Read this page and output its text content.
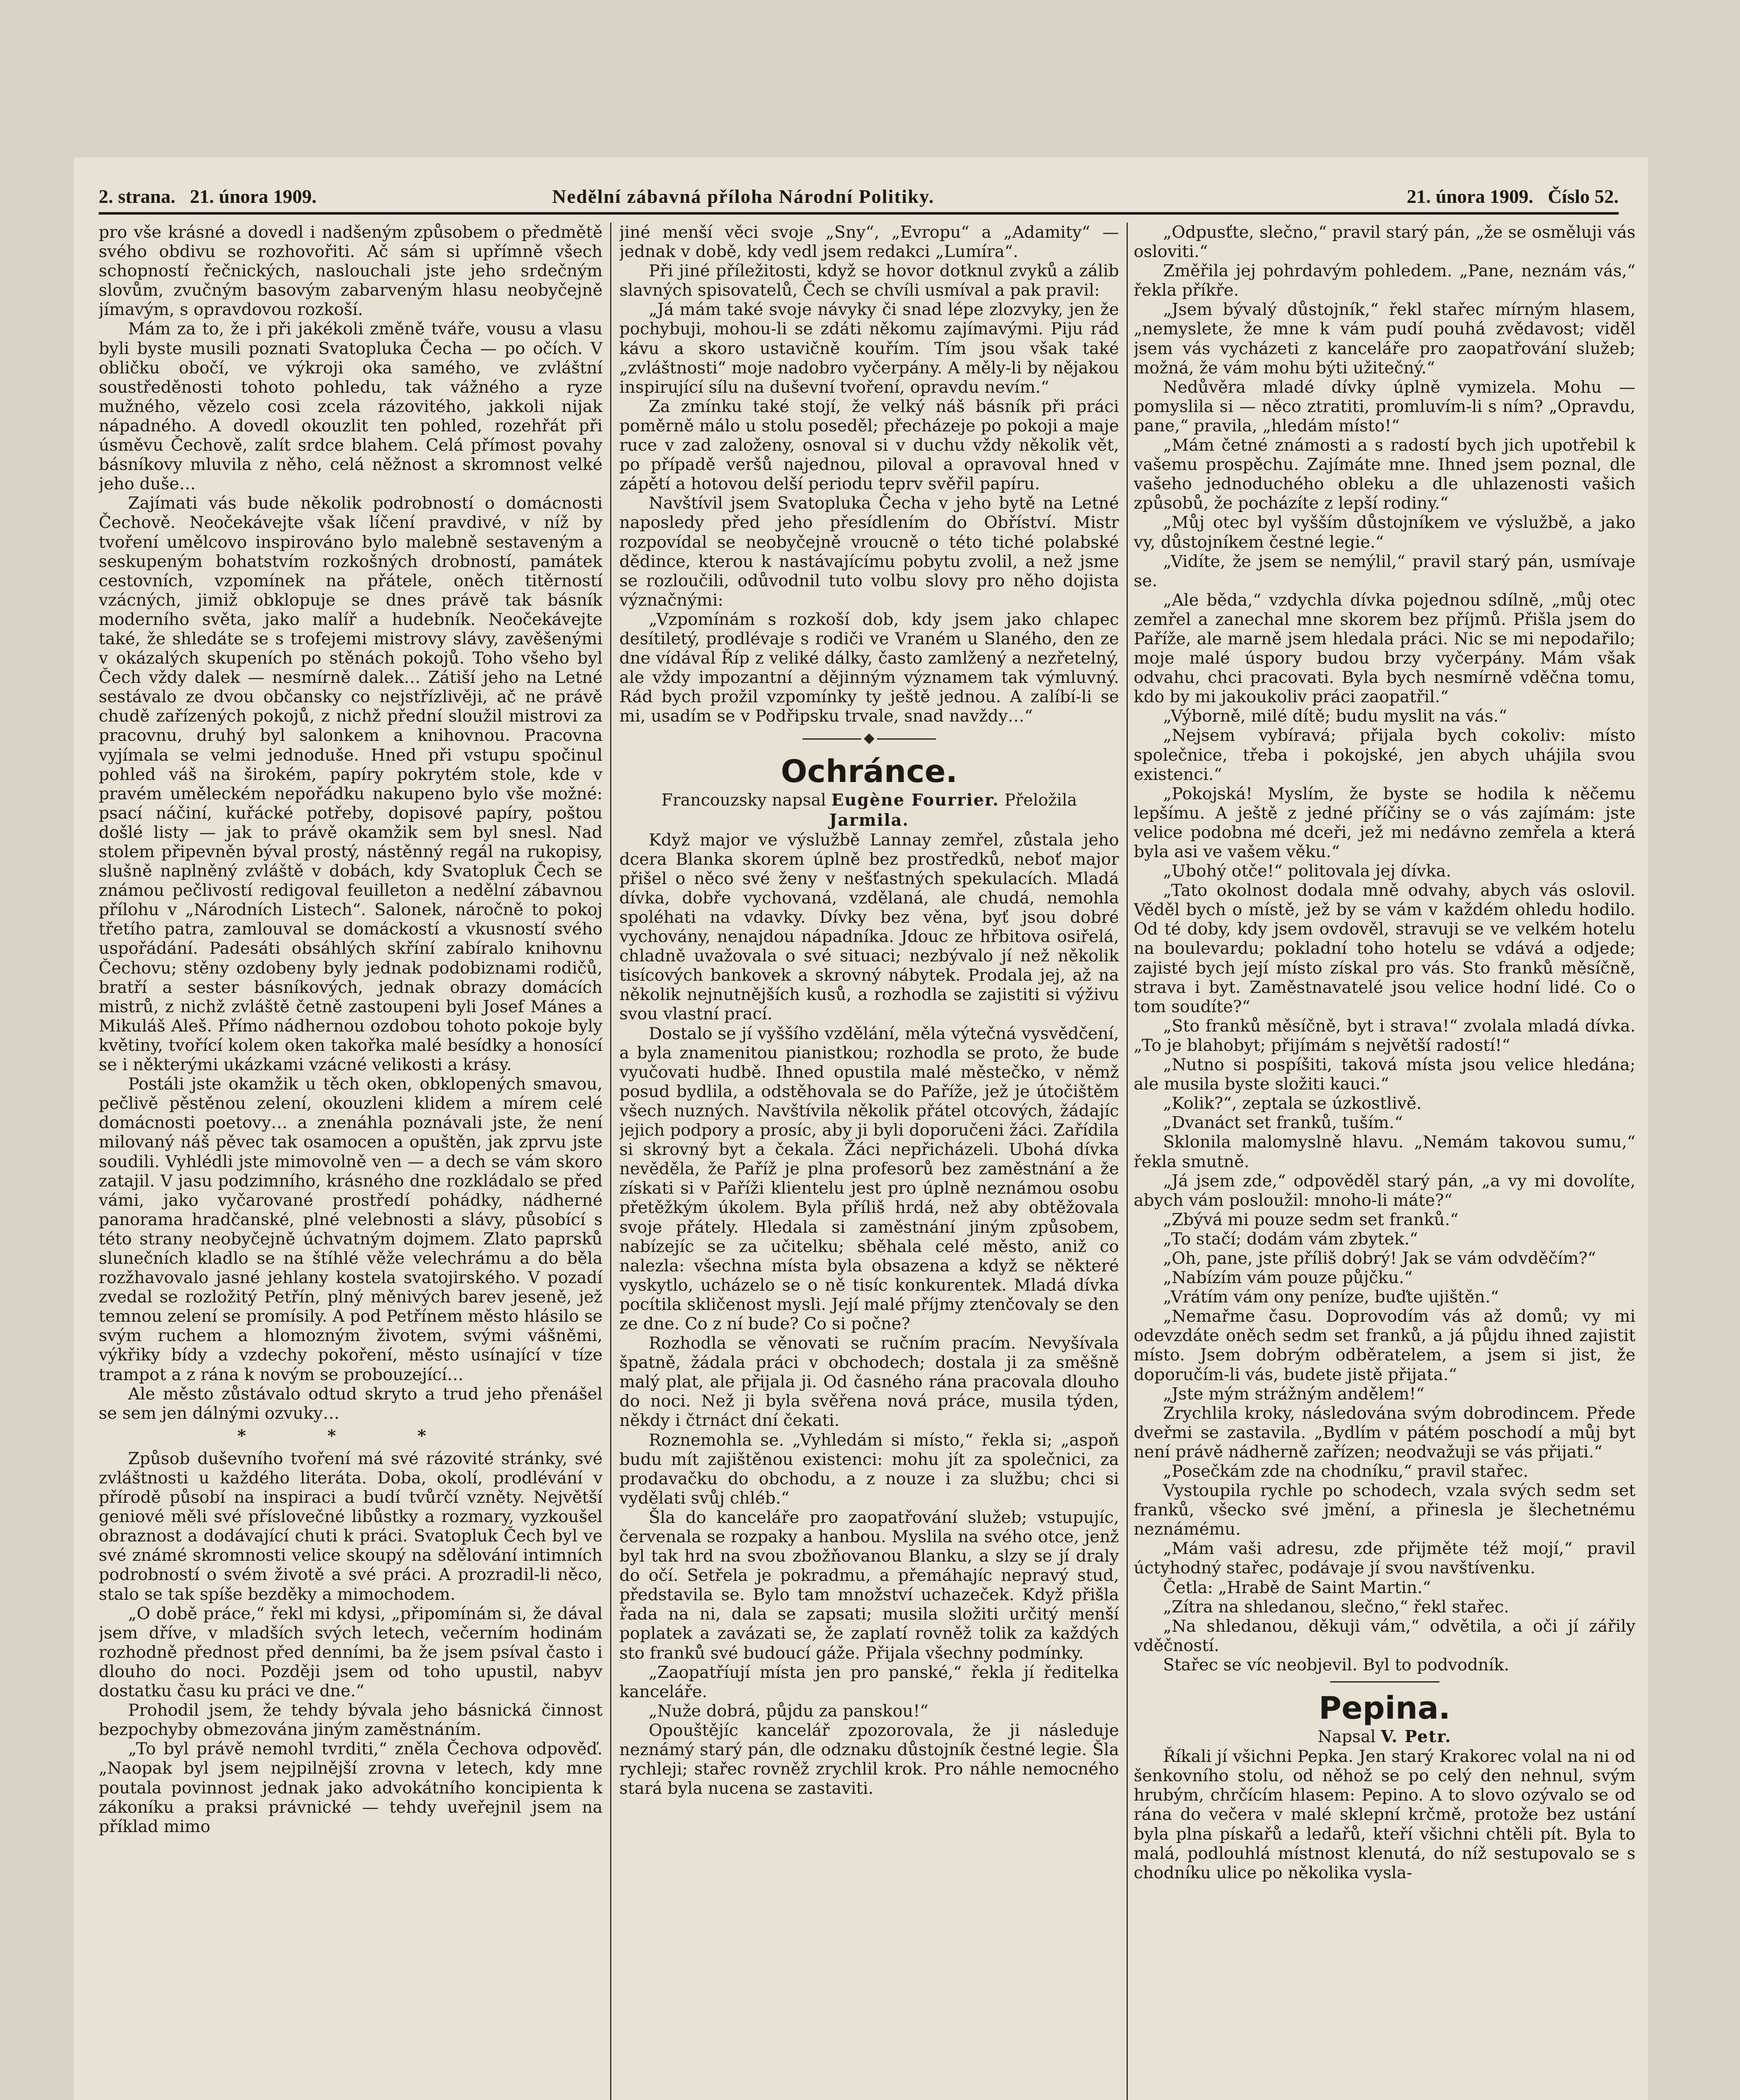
2. strana. 21. února 1909.	Nedělní zábavná příloha Národní Politiky.	21. února 1909. Číslo 52.

pro vše krásné a dovedl i nadšeným způsobem o předmětě svého obdivu se rozhovořiti. Ač sám si upřímně všech schopností řečnických, naslouchali jste jeho srdečným slovům, zvučným basovým zabarveným hlasu neobyčejně jímavým, s opravdovou rozkoší.

Mám za to, že i při jakékoli změně tváře, vousu a vlasu byli byste musili poznati Svatopluka Čecha — po očích. V obličku obočí, ve výkroji oka samého, ve zvláštní soustředěnosti tohoto pohledu, tak vážného a ryze mužného, vězelo cosi zcela rázovitého, jakkoli nijak nápadného. A dovedl okouzlit ten pohled, rozehřát při úsměvu Čechově, zalít srdce blahem. Celá přímost povahy básníkovy mluvila z něho, celá něžnost a skromnost velké jeho duše…

Zajímati vás bude několik podrobností o domácnosti Čechově. Neočekávejte však líčení pravdivé, v níž by tvoření umělcovo inspirováno bylo malebně sestaveným a seskupeným bohatstvím rozkošných drobností, památek cestovních, vzpomínek na přátele, oněch titěrností vzácných, jimiž obklopuje se dnes právě tak básník moderního světa, jako malíř a hudebník. Neočekávejte také, že shledáte se s trofejemi mistrovy slávy, zavěšenými v okázalých skupeních po stěnách pokojů. Toho všeho byl Čech vždy dalek — nesmírně dalek… Zátiší jeho na Letné sestávalo ze dvou občansky co nejstřízlivěji, ač ne právě chudě zařízených pokojů, z nichž přední sloužil mistrovi za pracovnu, druhý byl salonkem a knihovnou. Pracovna vyjímala se velmi jednoduše. Hned při vstupu spočinul pohled váš na širokém, papíry pokrytém stole, kde v pravém uměleckém nepořádku nakupeno bylo vše možné: psací náčiní, kuřácké potřeby, dopisové papíry, poštou došlé listy — jak to právě okamžik sem byl snesl. Nad stolem připevněn býval prostý, nástěnný regál na rukopisy, slušně naplněný zvláště v dobách, kdy Svatopluk Čech se známou pečlivostí redigoval feuilleton a nedělní zábavnou přílohu v „Národních Listech“. Salonek, náročně to pokoj třetího patra, zamlouval se domáckostí a vkusností svého uspořádání. Padesáti obsáhlých skříní zabíralo knihovnu Čechovu; stěny ozdobeny byly jednak podobiznami rodičů, bratří a sester básníkových, jednak obrazy domácích mistrů, z nichž zvláště četně zastoupeni byli Josef Mánes a Mikuláš Aleš. Přímo nádhernou ozdobou tohoto pokoje byly květiny, tvořící kolem oken takořka malé besídky a honosící se i některými ukázkami vzácné velikosti a krásy.

Postáli jste okamžik u těch oken, obklopených smavou, pečlivě pěstěnou zelení, okouzleni klidem a mírem celé domácnosti poetovy… a znenáhla poznávali jste, že není milovaný náš pěvec tak osamocen a opuštěn, jak zprvu jste soudili. Vyhlédli jste mimovolně ven — a dech se vám skoro zatajil. V jasu podzimního, krásného dne rozkládalo se před vámi, jako vyčarované prostředí pohádky, nádherné panorama hradčanské, plné velebnosti a slávy, působící s této strany neobyčejně úchvatným dojmem. Zlato paprsků slunečních kladlo se na štíhlé věže velechrámu a do běla rozžhavovalo jasné jehlany kostela svatojirského. V pozadí zvedal se rozložitý Petřín, plný měnivých barev jeseně, jež temnou zelení se promísily. A pod Petřínem město hlásilo se svým ruchem a hlomozným životem, svými vášněmi, výkřiky bídy a vzdechy pokoření, město usínající v tíze trampot a z rána k novým se probouzející…

Ale město zůstávalo odtud skryto a trud jeho přenášel se sem jen dálnými ozvuky…

* * *

Způsob duševního tvoření má své rázovité stránky, své zvláštnosti u každého literáta. Doba, okolí, prodlévání v přírodě působí na inspiraci a budí tvůrčí vzněty. Největší geniové měli své příslovečné libůstky a rozmary, vyzkoušel obraznost a dodávající chuti k práci. Svatopluk Čech byl ve své známé skromnosti velice skoupý na sdělování intimních podrobností o svém životě a své práci. A prozradil-li něco, stalo se tak spíše bezděky a mimochodem.

„O době práce,“ řekl mi kdysi, „připomínám si, že dával jsem dříve, v mladších svých letech, večerním hodinám rozhodně přednost před denními, ba že jsem psíval často i dlouho do noci. Později jsem od toho upustil, nabyv dostatku času ku práci ve dne.“

Prohodil jsem, že tehdy bývala jeho básnická činnost bezpochyby obmezována jiným zaměstnáním.

„To byl právě nemohl tvrditi,“ zněla Čechova odpověď. „Naopak byl jsem nejpilnější zrovna v letech, kdy mne poutala povinnost jednak jako advokátního koncipienta k zákoníku a praksi právnické — tehdy uveřejnil jsem na příklad mimo

jiné menší věci svoje „Sny“, „Evropu“ a „Adamity“ — jednak v době, kdy vedl jsem redakci „Lumíra“.

Při jiné příležitosti, když se hovor dotknul zvyků a zálib slavných spisovatelů, Čech se chvíli usmíval a pak pravil:

„Já mám také svoje návyky či snad lépe zlozvyky, jen že pochybuji, mohou-li se zdáti někomu zajímavými. Piju rád kávu a skoro ustavičně kouřím. Tím jsou však také „zvláštnosti“ moje nadobro vyčerpány. A měly-li by nějakou inspirující sílu na duševní tvoření, opravdu nevím.“

Za zmínku také stojí, že velký náš básník při práci poměrně málo u stolu poseděl; přecházeje po pokoji a maje ruce v zad založeny, osnoval si v duchu vždy několik vět, po případě veršů najednou, piloval a opravoval hned v zápětí a hotovou delší periodu teprv svěřil papíru.

Navštívil jsem Svatopluka Čecha v jeho bytě na Letné naposledy před jeho přesídlením do Obříství. Mistr rozpovídal se neobyčejně vroucně o této tiché polabské dědince, kterou k nastávajícímu pobytu zvolil, a než jsme se rozloučili, odůvodnil tuto volbu slovy pro něho dojista význačnými:

„Vzpomínám s rozkoší dob, kdy jsem jako chlapec desítiletý, prodlévaje s rodiči ve Vraném u Slaného, den ze dne vídával Říp z veliké dálky, často zamlžený a nezřetelný, ale vždy impozantní a dějinným významem tak výmluvný. Rád bych prožil vzpomínky ty ještě jednou. A zalíbí-li se mi, usadím se v Podřipsku trvale, snad navždy…“

Ochránce.

Francouzsky napsal Eugène Fourrier. Přeložila Jarmila.

Když major ve výslužbě Lannay zemřel, zůstala jeho dcera Blanka skorem úplně bez prostředků, neboť major přišel o něco své ženy v nešťastných spekulacích. Mladá dívka, dobře vychovaná, vzdělaná, ale chudá, nemohla spoléhati na vdavky. Dívky bez věna, byť jsou dobré vychovány, nenajdou nápadníka. Jdouc ze hřbitova osiřelá, chladně uvažovala o své situaci; nezbývalo jí než několik tisícových bankovek a skrovný nábytek. Prodala jej, až na několik nejnutnějších kusů, a rozhodla se zajistiti si výživu svou vlastní prací.

Dostalo se jí vyššího vzdělání, měla výtečná vysvědčení, a byla znamenitou pianistkou; rozhodla se proto, že bude vyučovati hudbě. Ihned opustila malé městečko, v němž posud bydlila, a odstěhovala se do Paříže, jež je útočištěm všech nuzných. Navštívila několik přátel otcových, žádajíc jejich podpory a prosíc, aby ji byli doporučeni žáci. Zařídila si skrovný byt a čekala. Žáci nepřicházeli. Ubohá dívka nevěděla, že Paříž je plna profesorů bez zaměstnání a že získati si v Paříži klientelu jest pro úplně neznámou osobu přetěžkým úkolem. Byla příliš hrdá, než aby obtěžovala svoje přátely. Hledala si zaměstnání jiným způsobem, nabízejíc se za učitelku; sběhala celé město, aniž co nalezla: všechna místa byla obsazena a když se některé vyskytlo, ucházelo se o ně tisíc konkurentek. Mladá dívka pocítila skličenost mysli. Její malé příjmy ztenčovaly se den ze dne. Co z ní bude? Co si počne?

Rozhodla se věnovati se ručním pracím. Nevyšívala špatně, žádala práci v obchodech; dostala ji za směšně malý plat, ale přijala ji. Od časného rána pracovala dlouho do noci. Než ji byla svěřena nová práce, musila týden, někdy i čtrnáct dní čekati.

Roznemohla se. „Vyhledám si místo,“ řekla si; „aspoň budu mít zajištěnou existenci: mohu jít za společnici, za prodavačku do obchodu, a z nouze i za službu; chci si vydělati svůj chléb.“

Šla do kanceláře pro zaopatřování služeb; vstupujíc, červenala se rozpaky a hanbou. Myslila na svého otce, jenž byl tak hrd na svou zbožňovanou Blanku, a slzy se jí draly do očí. Setřela je pokradmu, a přemáhajíc nepravý stud, představila se. Bylo tam množství uchazeček. Když přišla řada na ni, dala se zapsati; musila složiti určitý menší poplatek a zavázati se, že zaplatí rovněž tolik za každých sto franků své budoucí gáže. Přijala všechny podmínky.

„Zaopatříují místa jen pro panské,“ řekla jí ředitelka kanceláře.

„Nuže dobrá, půjdu za panskou!“

Opouštějíc kancelář zpozorovala, že ji následuje neznámý starý pán, dle odznaku důstojník čestné legie. Šla rychleji; stařec rovněž zrychlil krok. Pro náhle nemocného stará byla nucena se zastaviti.

„Odpusťte, slečno,“ pravil starý pán, „že se osměluji vás osloviti.“

Změřila jej pohrdavým pohledem. „Pane, neznám vás,“ řekla příkře.

„Jsem bývalý důstojník,“ řekl stařec mírným hlasem, „nemyslete, že mne k vám pudí pouhá zvědavost; viděl jsem vás vycházeti z kanceláře pro zaopatřování služeb; možná, že vám mohu býti užitečný.“

Nedůvěra mladé dívky úplně vymizela. Mohu — pomyslila si — něco ztratiti, promluvím-li s ním? „Opravdu, pane,“ pravila, „hledám místo!“

„Mám četné známosti a s radostí bych jich upotřebil k vašemu prospěchu. Zajímáte mne. Ihned jsem poznal, dle vašeho jednoduchého obleku a dle uhlazenosti vašich způsobů, že pocházíte z lepší rodiny.“

„Můj otec byl vyšším důstojníkem ve výslužbě, a jako vy, důstojníkem čestné legie.“

„Vidíte, že jsem se nemýlil,“ pravil starý pán, usmívaje se.

„Ale běda,“ vzdychla dívka pojednou sdílně, „můj otec zemřel a zanechal mne skorem bez příjmů. Přišla jsem do Paříže, ale marně jsem hledala práci. Nic se mi nepodařilo; moje malé úspory budou brzy vyčerpány. Mám však odvahu, chci pracovati. Byla bych nesmírně vděčna tomu, kdo by mi jakoukoliv práci zaopatřil.“

„Výborně, milé dítě; budu myslit na vás.“

„Nejsem vybíravá; přijala bych cokoliv: místo společnice, třeba i pokojské, jen abych uhájila svou existenci.“

„Pokojská! Myslím, že byste se hodila k něčemu lepšímu. A ještě z jedné příčiny se o vás zajímám: jste velice podobna mé dceři, jež mi nedávno zemřela a která byla asi ve vašem věku.“

„Ubohý otče!“ politovala jej dívka.

„Tato okolnost dodala mně odvahy, abych vás oslovil. Věděl bych o místě, jež by se vám v každém ohledu hodilo. Od té doby, kdy jsem ovdověl, stravuji se ve velkém hotelu na boulevardu; pokladní toho hotelu se vdává a odjede; zajisté bych její místo získal pro vás. Sto franků měsíčně, strava i byt. Zaměstnavatelé jsou velice hodní lidé. Co o tom soudíte?“

„Sto franků měsíčně, byt i strava!“ zvolala mladá dívka. „To je blahobyt; přijímám s největší radostí!“

„Nutno si pospíšiti, taková místa jsou velice hledána; ale musila byste složiti kauci.“

„Kolik?“, zeptala se úzkostlivě.

„Dvanáct set franků, tuším.“

Sklonila malomyslně hlavu. „Nemám takovou sumu,“ řekla smutně.

„Já jsem zde,“ odpověděl starý pán, „a vy mi dovolíte, abych vám posloužil: mnoho-li máte?“

„Zbývá mi pouze sedm set franků.“

„To stačí; dodám vám zbytek.“

„Oh, pane, jste příliš dobrý! Jak se vám odvděčím?“

„Nabízím vám pouze půjčku.“

„Vrátím vám ony peníze, buďte ujištěn.“

„Nemařme času. Doprovodím vás až domů; vy mi odevzdáte oněch sedm set franků, a já půjdu ihned zajistit místo. Jsem dobrým odběratelem, a jsem si jist, že doporučím-li vás, budete jistě přijata.“

„Jste mým strážným andělem!“

Zrychlila kroky, následována svým dobrodincem. Přede dveřmi se zastavila. „Bydlím v pátém poschodí a můj byt není právě nádherně zařízen; neodvažuji se vás přijati.“

„Posečkám zde na chodníku,“ pravil stařec.

Vystoupila rychle po schodech, vzala svých sedm set franků, všecko své jmění, a přinesla je šlechetnému neznámému.

„Mám vaši adresu, zde přijměte též mojí,“ pravil úctyhodný stařec, podávaje jí svou navštívenku.

Četla: „Hrabě de Saint Martin.“

„Zítra na shledanou, slečno,“ řekl stařec.

„Na shledanou, děkuji vám,“ odvětila, a oči jí zářily vděčností.

Stařec se víc neobjevil. Byl to podvodník.

Pepina.

Napsal V. Petr.

Říkali jí všichni Pepka. Jen starý Krakorec volal na ni od šenkovního stolu, od něhož se po celý den nehnul, svým hrubým, chrčícím hlasem: Pepino. A to slovo ozývalo se od rána do večera v malé sklepní krčmě, protože bez ustání byla plna pískařů a ledařů, kteří všichni chtěli pít. Byla to malá, podlouhlá místnost klenutá, do níž sestupovalo se s chodníku ulice po několika vysla-
